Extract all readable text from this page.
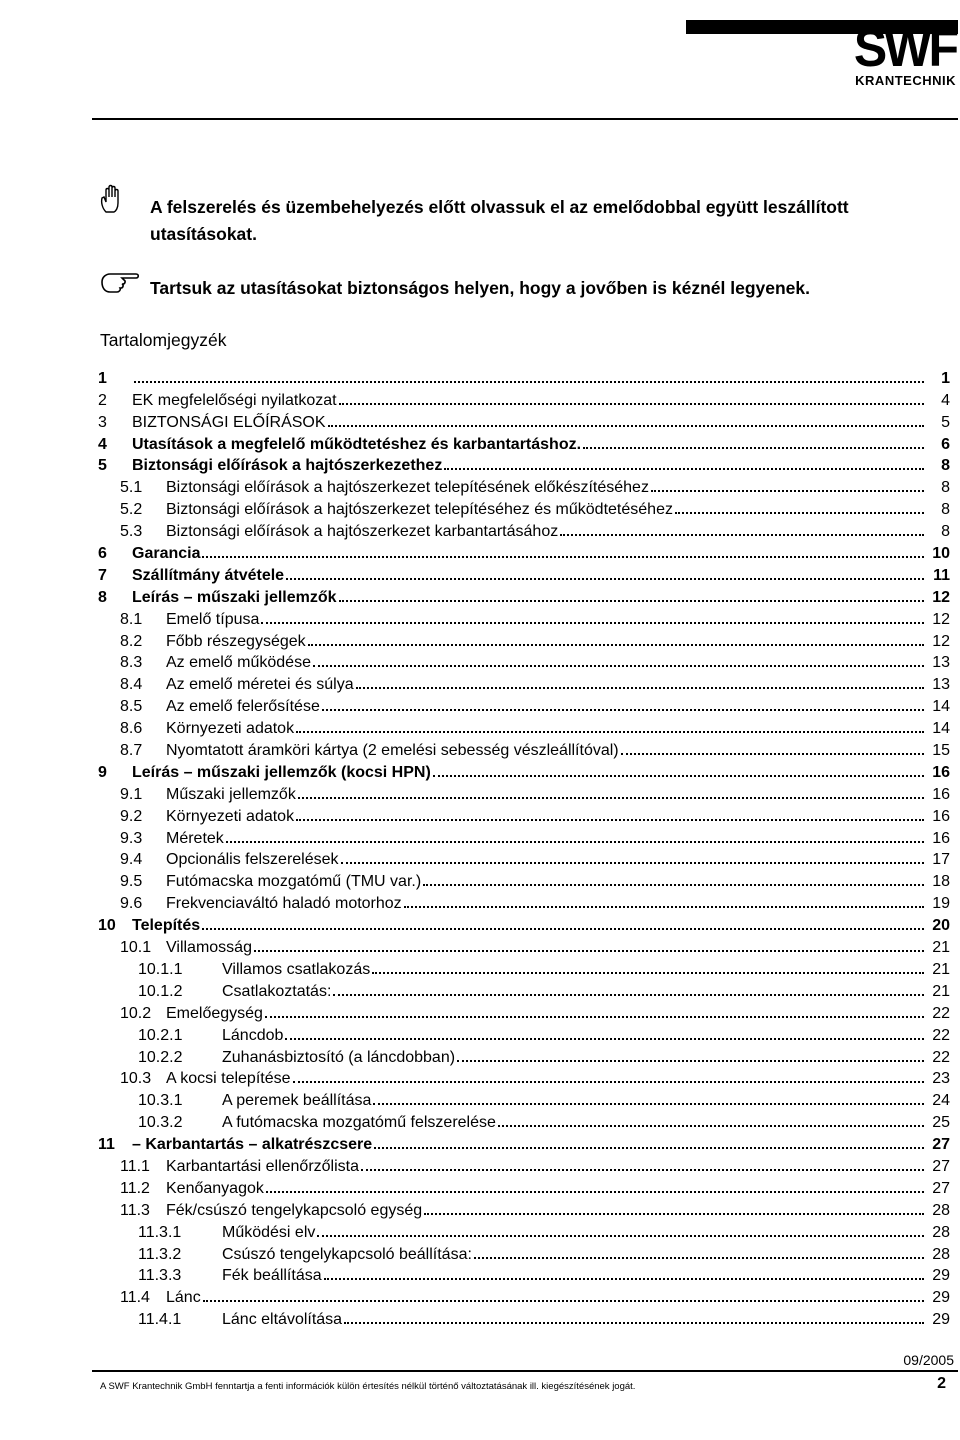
SWF
KRANTECHNIK
A felszerelés és üzembehelyezés előtt olvassuk el az emelődobbal együtt leszállított utasításokat.
Tartsuk az utasításokat biztonságos helyen, hogy a jovőben is kéznél legyenek.
Tartalomjegyzék
1	1
2	EK megfelelőségi nyilatkozat	4
3	BIZTONSÁGI ELŐÍRÁSOK	5
4	Utasítások a megfelelő működtetéshez és karbantartáshoz.	6
5	Biztonsági előírások a hajtószerkezethez	8
5.1	Biztonsági előírások a hajtószerkezet telepítésének előkészítéséhez	8
5.2	Biztonsági előírások a hajtószerkezet telepítéséhez és működtetéséhez	8
5.3	Biztonsági előírások a hajtószerkezet karbantartásához	8
6	Garancia	10
7	Szállítmány átvétele	11
8	Leírás – műszaki jellemzők	12
8.1	Emelő típusa	12
8.2	Főbb részegységek	12
8.3	Az emelő működése	13
8.4	Az emelő méretei és súlya	13
8.5	Az emelő felerősítése	14
8.6	Környezeti adatok	14
8.7	Nyomtatott áramköri kártya (2 emelési sebesség vészleállítóval)	15
9	Leírás – műszaki jellemzők (kocsi HPN)	16
9.1	Műszaki jellemzők	16
9.2	Környezeti adatok	16
9.3	Méretek	16
9.4	Opcionális felszerelések	17
9.5	Futómacska mozgatómű (TMU var.)	18
9.6	Frekvenciaváltó haladó motorhoz	19
10	Telepítés	20
10.1 Villamosság	21
10.1.1	Villamos csatlakozás	21
10.1.2	Csatlakoztatás:	21
10.2 Emelőegység	22
10.2.1	Láncdob	22
10.2.2	Zuhanásbiztosító (a láncdobban)	22
10.3 A kocsi telepítése	23
10.3.1	A peremek beállítása	24
10.3.2	A futómacska mozgatómű felszerelése	25
11	– Karbantartás – alkatrészcsere	27
11.1	Karbantartási ellenőrzőlista	27
11.2	Kenőanyagok	27
11.3	Fék/csúszó tengelykapcsoló egység	28
11.3.1	Működési elv	28
11.3.2	Csúszó tengelykapcsoló beállítása:	28
11.3.3	Fék beállítása	29
11.4	Lánc	29
11.4.1	Lánc eltávolítása	29
09/2005
A SWF Krantechnik GmbH fenntartja a fenti információk külön értesítés nélkül történő változtatásának ill. kiegészítésének jogát.	2
